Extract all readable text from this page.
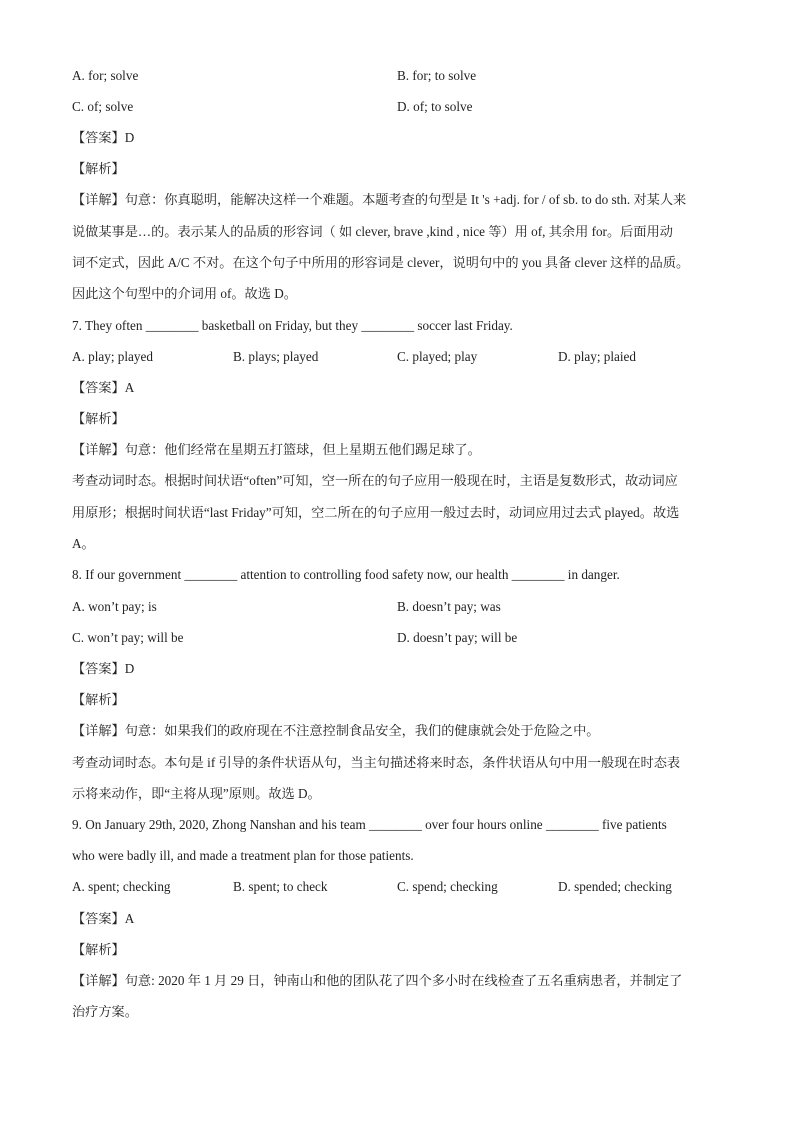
A. for; solve	B. for; to solve
C. of; solve	D. of; to solve
【答案】D
【解析】
【详解】句意：你真聪明，能解决这样一个难题。本题考查的句型是 It 's +adj. for / of sb. to do sth. 对某人来
说做某事是…的。表示某人的品质的形容词（ 如 clever, brave ,kind , nice 等）用 of, 其余用 for。后面用动
词不定式，因此 A/C 不对。在这个句子中所用的形容词是 clever，说明句中的 you 具备 clever 这样的品质。
因此这个句型中的介词用 of。故选 D。
7. They often ________ basketball on Friday, but they ________ soccer last Friday.
A. play; played	B. plays; played	C. played; play	D. play; plaied
【答案】A
【解析】
【详解】句意：他们经常在星期五打篮球，但上星期五他们踢足球了。
考查动词时态。根据时间状语“often”可知，空一所在的句子应用一般现在时，主语是复数形式，故动词应
用原形；根据时间状语“last Friday”可知，空二所在的句子应用一般过去时，动词应用过去式 played。故选
A。
8. If our government ________ attention to controlling food safety now, our health ________ in danger.
A. won’t pay; is	B. doesn’t pay; was
C. won’t pay; will be	D. doesn’t pay; will be
【答案】D
【解析】
【详解】句意：如果我们的政府现在不注意控制食品安全，我们的健康就会处于危险之中。
考查动词时态。本句是 if 引导的条件状语从句，当主句描述将来时态，条件状语从句中用一般现在时态表
示将来动作，即“主将从现”原则。故选 D。
9. On January 29th, 2020, Zhong Nanshan and his team ________ over four hours online ________ five patients
who were badly ill, and made a treatment plan for those patients.
A. spent; checking	B. spent; to check	C. spend; checking	D. spended; checking
【答案】A
【解析】
【详解】句意: 2020 年 1 月 29 日，钟南山和他的团队花了四个多小时在线检查了五名重病患者，并制定了
治疗方案。
